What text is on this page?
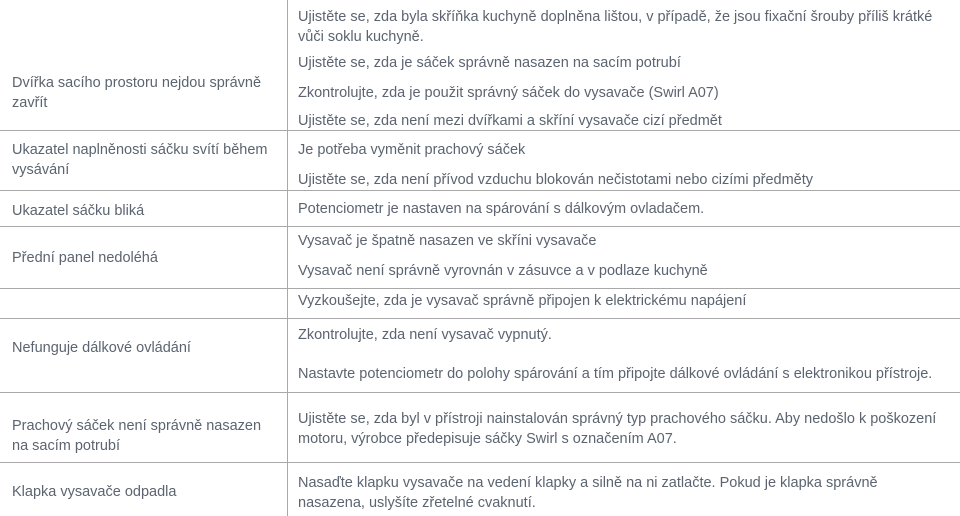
Dvířka sacího prostoru nejdou správně zavřít
Ukazatel naplněnosti sáčku svítí během vysávání
Ukazatel sáčku bliká
Přední panel nedoléhá
Nefunguje dálkové ovládání
Prachový sáček není správně nasazen na sacím potrubí
Klapka vysavače odpadla
Ujistěte se, zda byla skříňka kuchyně doplněna lištou, v případě, že jsou fixační šrouby příliš krátké vůči soklu kuchyně.
Ujistěte se, zda je sáček správně nasazen na sacím potrubí
Zkontrolujte, zda je použit správný sáček do vysavače (Swirl A07)
Ujistěte se, zda není mezi dvířkami a skříní vysavače cizí předmět
Je potřeba vyměnit prachový sáček
Ujistěte se, zda není přívod vzduchu blokován nečistotami nebo cizími předměty
Potenciometr je nastaven na spárování s dálkovým ovladačem.
Vysavač je špatně nasazen ve skříni vysavače
Vysavač není správně vyrovnán v zásuvce a v podlaze kuchyně
Vyzkoušejte, zda je vysavač správně připojen k elektrickému napájení
Zkontrolujte, zda není vysavač vypnutý.
Nastavte potenciometr do polohy spárování a tím připojte dálkové ovládání s elektronikou přístroje.
Ujistěte se, zda byl v přístroji nainstalován správný typ prachového sáčku. Aby nedošlo k poškození motoru, výrobce předepisuje sáčky Swirl s označením A07.
Nasaďte klapku vysavače na vedení klapky a silně na ni zatlačte. Pokud je klapka správně nasazena, uslyšíte zřetelné cvaknutí.
